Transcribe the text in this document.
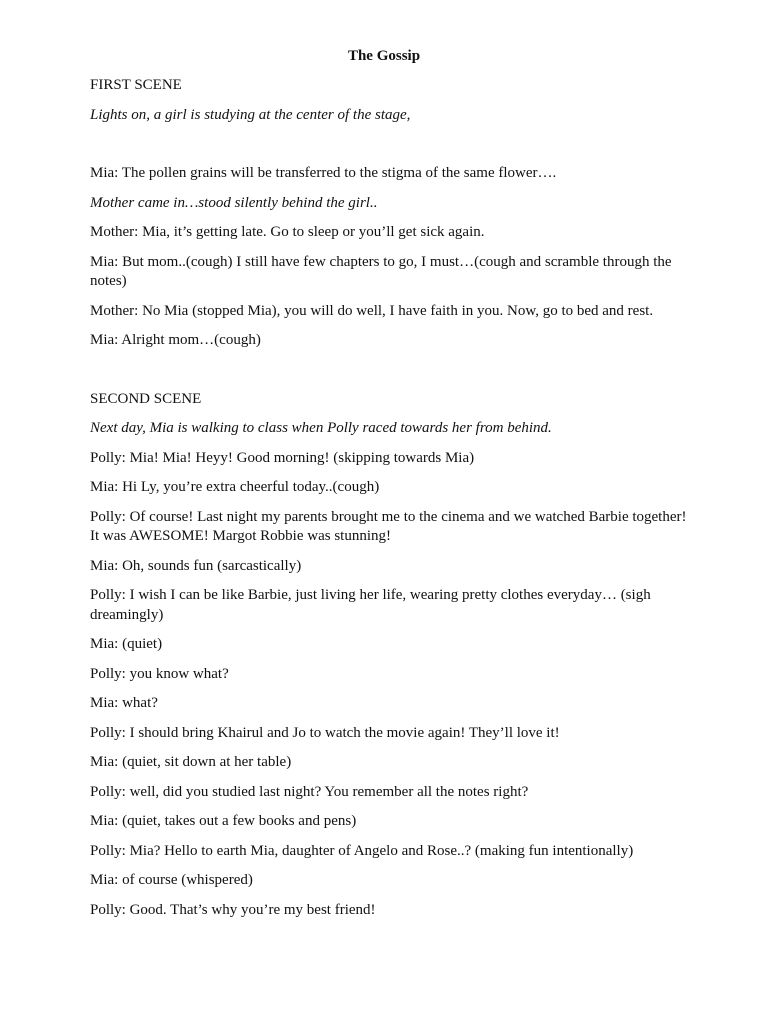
The Gossip

FIRST SCENE

Lights on, a girl is studying at the center of the stage,

Mia: The pollen grains will be transferred to the stigma of the same flower….

Mother came in…stood silently behind the girl..

Mother: Mia, it’s getting late. Go to sleep or you’ll get sick again.

Mia: But mom..(cough) I still have few chapters to go, I must…(cough and scramble through the notes)

Mother: No Mia (stopped Mia), you will do well, I have faith in you. Now, go to bed and rest.

Mia: Alright mom…(cough)

SECOND SCENE

Next day, Mia is walking to class when Polly raced towards her from behind.

Polly: Mia! Mia! Heyy! Good morning! (skipping towards Mia)

Mia: Hi Ly, you’re extra cheerful today..(cough)

Polly: Of course! Last night my parents brought me to the cinema and we watched Barbie together! It was AWESOME! Margot Robbie was stunning!

Mia: Oh, sounds fun (sarcastically)

Polly: I wish I can be like Barbie, just living her life, wearing pretty clothes everyday… (sigh dreamingly)

Mia: (quiet)

Polly: you know what?

Mia: what?

Polly: I should bring Khairul and Jo to watch the movie again! They’ll love it!

Mia: (quiet, sit down at her table)

Polly: well, did you studied last night? You remember all the notes right?

Mia: (quiet, takes out a few books and pens)

Polly: Mia? Hello to earth Mia, daughter of Angelo and Rose..? (making fun intentionally)

Mia: of course (whispered)

Polly: Good. That’s why you’re my best friend!
